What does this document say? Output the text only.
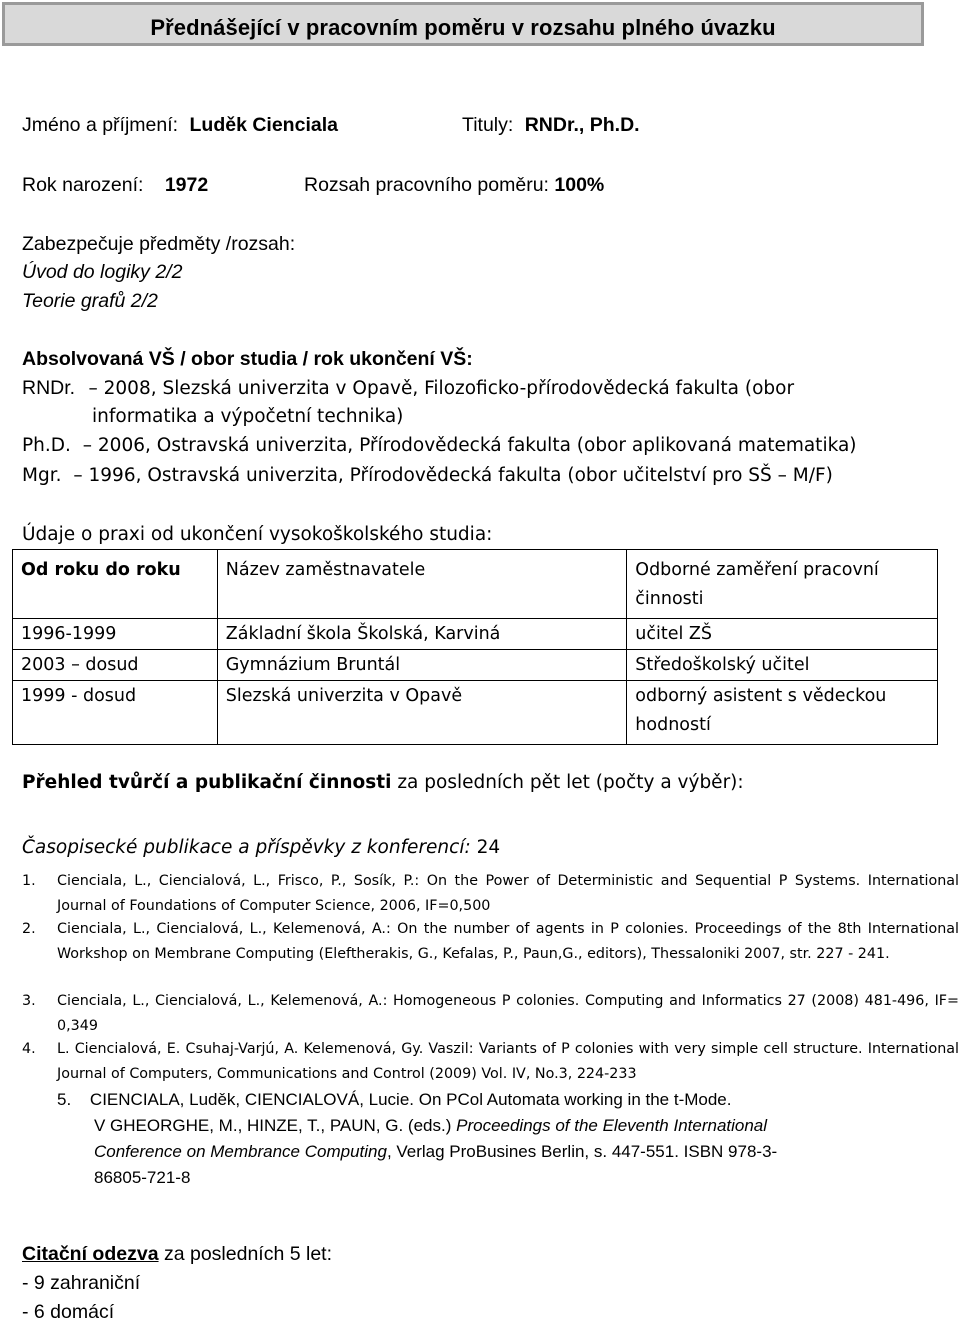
Přednášející v pracovním poměru v rozsahu plného úvazku
Jméno a příjmení: Luděk Cienciala	Tituly: RNDr., Ph.D.
Rok narození: 1972	Rozsah pracovního poměru: 100%
Zabezpečuje předměty /rozsah:
Úvod do logiky 2/2
Teorie grafů 2/2
Absolvovaná VŠ / obor studia / rok ukončení VŠ:
RNDr. – 2008, Slezská univerzita v Opavě, Filozoficko-přírodovědecká fakulta (obor
informatika a výpočetní technika)
Ph.D. – 2006, Ostravská univerzita, Přírodovědecká fakulta (obor aplikovaná matematika)
Mgr. – 1996, Ostravská univerzita, Přírodovědecká fakulta (obor učitelství pro SŠ – M/F)
Údaje o praxi od ukončení vysokoškolského studia:
Od roku do roku	Název zaměstnavatele	Odborné zaměření pracovní činnosti
1996-1999	Základní škola Školská, Karviná	učitel ZŠ
2003 – dosud	Gymnázium Bruntál	Středoškolský učitel
1999 - dosud	Slezská univerzita v Opavě	odborný asistent s vědeckou hodností
Přehled tvůrčí a publikační činnosti za posledních pět let (počty a výběr):
Časopisecké publikace a příspěvky z konferencí: 24
1. Cienciala, L., Ciencialová, L., Frisco, P., Sosík, P.: On the Power of Deterministic and Sequential P Systems. International Journal of Foundations of Computer Science, 2006, IF=0,500
2. Cienciala, L., Ciencialová, L., Kelemenová, A.: On the number of agents in P colonies. Proceedings of the 8th International Workshop on Membrane Computing (Eleftherakis, G., Kefalas, P., Paun,G., editors), Thessaloniki 2007, str. 227 - 241.
3. Cienciala, L., Ciencialová, L., Kelemenová, A.: Homogeneous P colonies. Computing and Informatics 27 (2008) 481-496, IF= 0,349
4. L. Ciencialová, E. Csuhaj-Varjú, A. Kelemenová, Gy. Vaszil: Variants of P colonies with very simple cell structure. International Journal of Computers, Communications and Control (2009) Vol. IV, No.3, 224-233
5. CIENCIALA, Luděk, CIENCIALOVÁ, Lucie. On PCol Automata working in the t-Mode.
V GHEORGHE, M., HINZE, T., PAUN, G. (eds.) Proceedings of the Eleventh International
Conference on Membrance Computing, Verlag ProBusines Berlin, s. 447-551. ISBN 978-3-
86805-721-8
Citační odezva za posledních 5 let:
- 9 zahraniční
- 6 domácí
